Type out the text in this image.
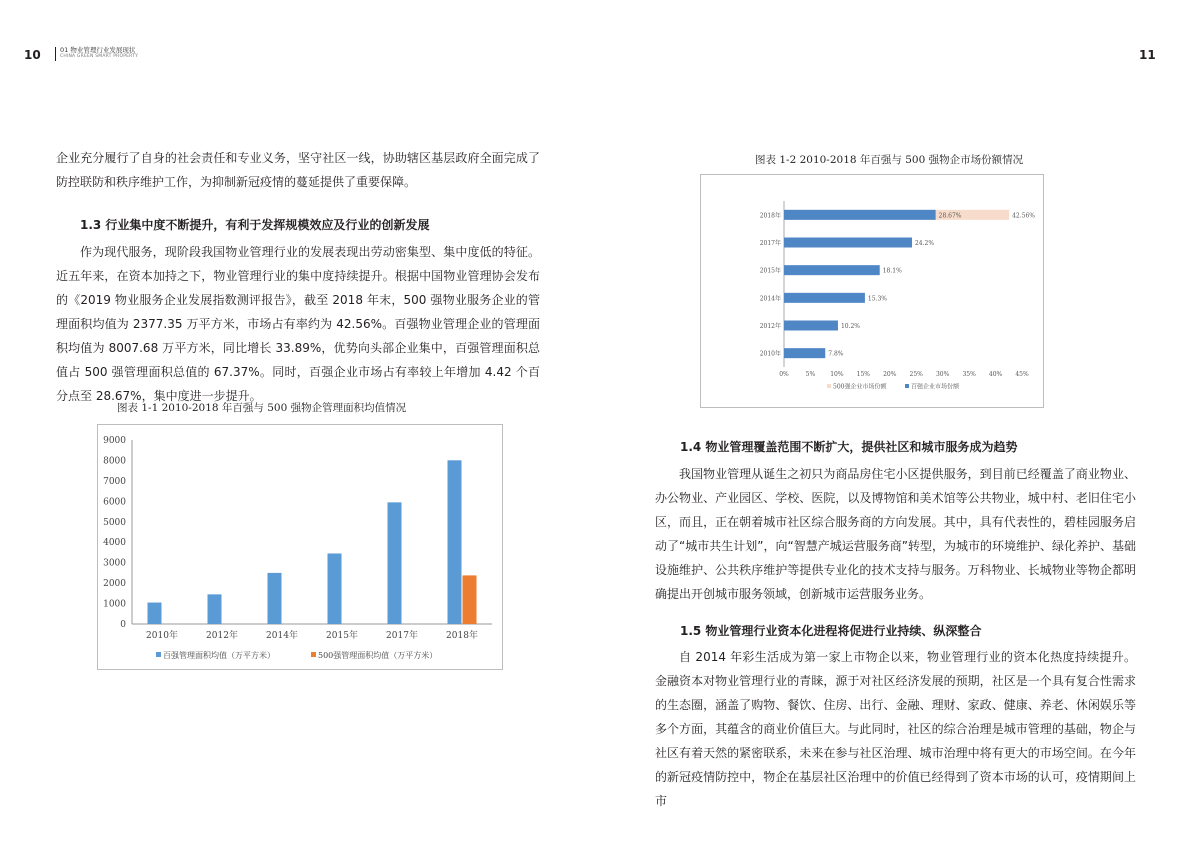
10	01 物业管理行业发展现状
CHINA GREEN SMART PROPERTY	11

企业充分履行了自身的社会责任和专业义务，坚守社区一线，协助辖区基层政府全面完成了防控联防和秩序维护工作，为抑制新冠疫情的蔓延提供了重要保障。

1.3 行业集中度不断提升，有利于发挥规模效应及行业的创新发展

作为现代服务，现阶段我国物业管理行业的发展表现出劳动密集型、集中度低的特征。近五年来，在资本加持之下，物业管理行业的集中度持续提升。根据中国物业管理协会发布的《2019 物业服务企业发展指数测评报告》，截至 2018 年末，500 强物业服务企业的管理面积均值为 2377.35 万平方米，市场占有率约为 42.56%。百强物业管理企业的管理面积均值为 8007.68 万平方米，同比增长 33.89%，优势向头部企业集中，百强管理面积总值占 500 强管理面积总值的 67.37%。同时，百强企业市场占有率较上年增加 4.42 个百分点至 28.67%，集中度进一步提升。

图表 1-1 2010-2018 年百强与 500 强物企管理面积均值情况

0
1000
2000
3000
4000
5000
6000
7000
8000
9000
2010年	2012年	2014年	2015年	2017年	2018年
百强管理面积均值（万平方米）	500强管理面积均值（万平方米）

图表 1-2 2010-2018 年百强与 500 强物企市场份额情况

2018年	42.56%
28.67%
2017年	24.2%
2015年	18.1%
2014年	15.3%
2012年	10.2%
2010年	7.8%
0%	5%	10% 15% 20% 25% 30% 35% 40% 45%
500强企业市场份额	百强企业市场份额

1.4 物业管理覆盖范围不断扩大，提供社区和城市服务成为趋势

我国物业管理从诞生之初只为商品房住宅小区提供服务，到目前已经覆盖了商业物业、办公物业、产业园区、学校、医院，以及博物馆和美术馆等公共物业，城中村、老旧住宅小区，而且，正在朝着城市社区综合服务商的方向发展。其中，具有代表性的，碧桂园服务启动了“城市共生计划”，向“智慧产城运营服务商”转型，为城市的环境维护、绿化养护、基础设施维护、公共秩序维护等提供专业化的技术支持与服务。万科物业、长城物业等物企都明确提出开创城市服务领域，创新城市运营服务业务。

1.5 物业管理行业资本化进程将促进行业持续、纵深整合

自 2014 年彩生活成为第一家上市物企以来，物业管理行业的资本化热度持续提升。金融资本对物业管理行业的青睐，源于对社区经济发展的预期，社区是一个具有复合性需求的生态圈，涵盖了购物、餐饮、住房、出行、金融、理财、家政、健康、养老、休闲娱乐等多个方面，其蕴含的商业价值巨大。与此同时，社区的综合治理是城市管理的基础，物企与社区有着天然的紧密联系，未来在参与社区治理、城市治理中将有更大的市场空间。在今年的新冠疫情防控中，物企在基层社区治理中的价值已经得到了资本市场的认可，疫情期间上市
